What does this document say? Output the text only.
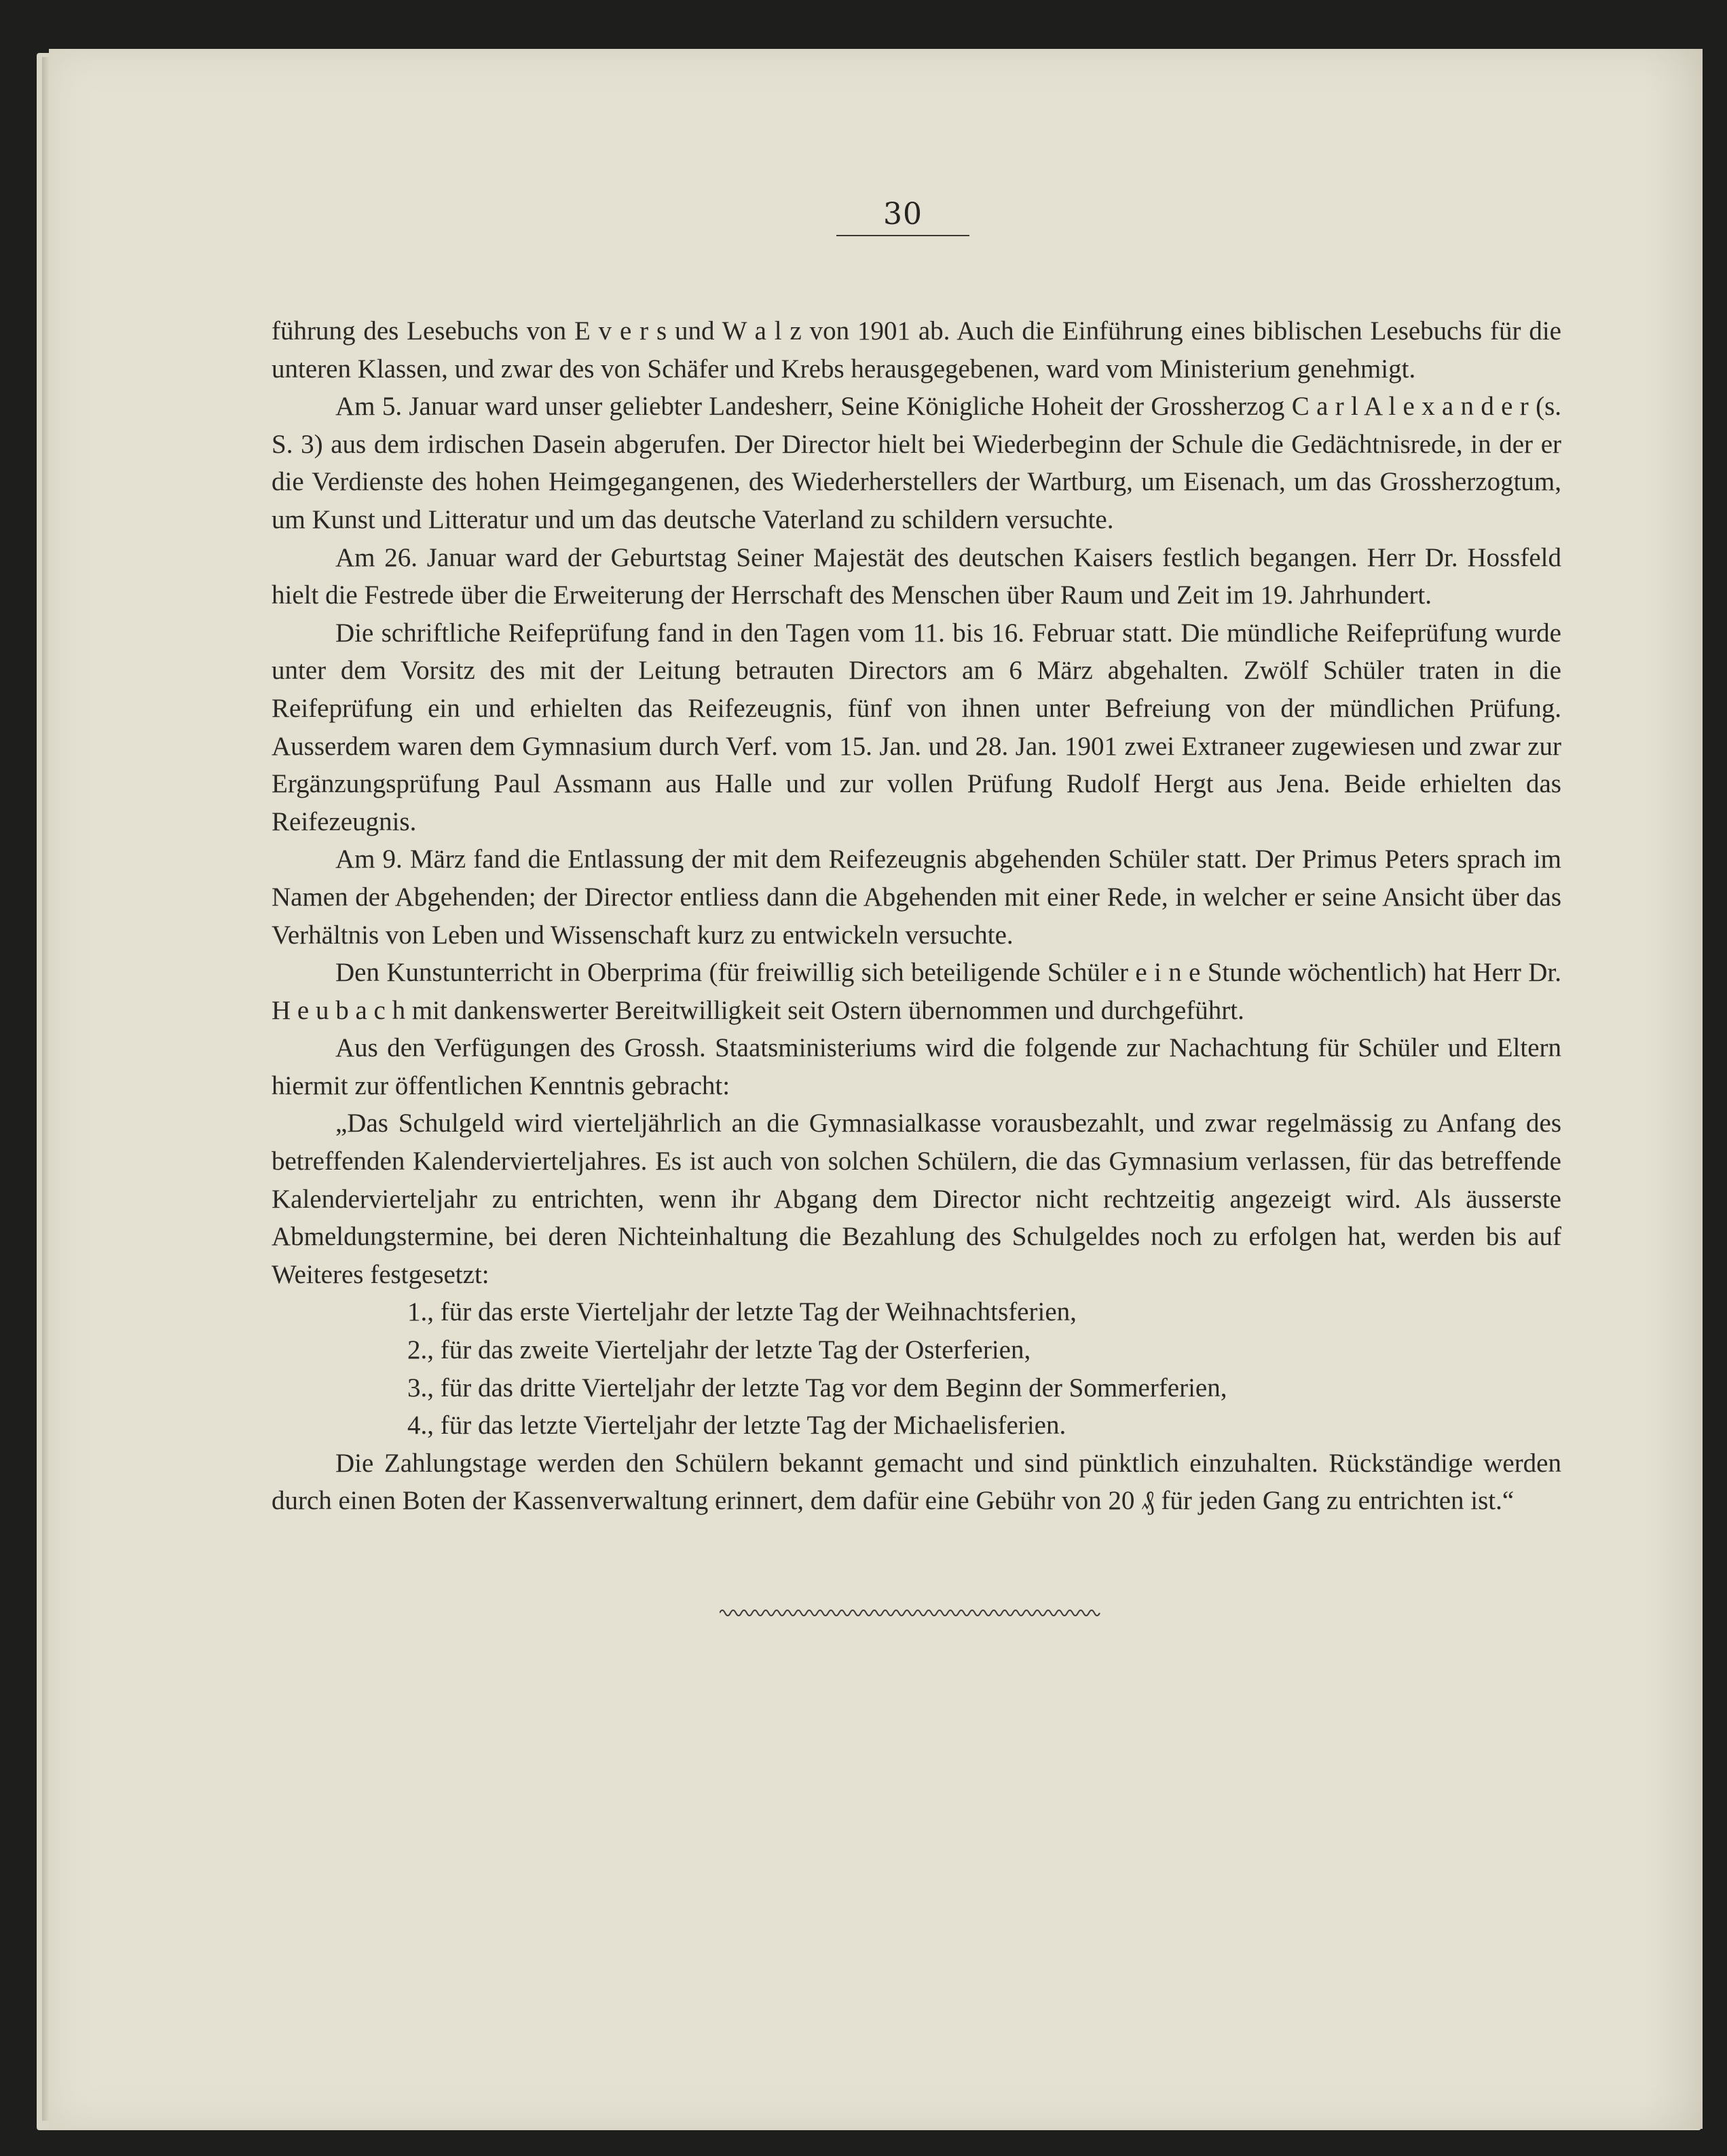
30

führung des Lesebuchs von E v e r s und W a l z von 1901 ab. Auch die Einführung eines biblischen Lesebuchs für die unteren Klassen, und zwar des von Schäfer und Krebs herausgegebenen, ward vom Ministerium genehmigt.

Am 5. Januar ward unser geliebter Landesherr, Seine Königliche Hoheit der Grossherzog C a r l A l e x a n d e r (s. S. 3) aus dem irdischen Dasein abgerufen. Der Director hielt bei Wiederbeginn der Schule die Gedächtnisrede, in der er die Verdienste des hohen Heimgegangenen, des Wiederherstellers der Wartburg, um Eisenach, um das Grossherzogtum, um Kunst und Litteratur und um das deutsche Vaterland zu schildern versuchte.

Am 26. Januar ward der Geburtstag Seiner Majestät des deutschen Kaisers festlich begangen. Herr Dr. Hossfeld hielt die Festrede über die Erweiterung der Herrschaft des Menschen über Raum und Zeit im 19. Jahrhundert.

Die schriftliche Reifeprüfung fand in den Tagen vom 11. bis 16. Februar statt. Die mündliche Reifeprüfung wurde unter dem Vorsitz des mit der Leitung betrauten Directors am 6 März abgehalten. Zwölf Schüler traten in die Reifeprüfung ein und erhielten das Reifezeugnis, fünf von ihnen unter Befreiung von der mündlichen Prüfung. Ausserdem waren dem Gymnasium durch Verf. vom 15. Jan. und 28. Jan. 1901 zwei Extraneer zugewiesen und zwar zur Ergänzungsprüfung Paul Assmann aus Halle und zur vollen Prüfung Rudolf Hergt aus Jena. Beide erhielten das Reifezeugnis.

Am 9. März fand die Entlassung der mit dem Reifezeugnis abgehenden Schüler statt. Der Primus Peters sprach im Namen der Abgehenden; der Director entliess dann die Abgehenden mit einer Rede, in welcher er seine Ansicht über das Verhältnis von Leben und Wissenschaft kurz zu entwickeln versuchte.

Den Kunstunterricht in Oberprima (für freiwillig sich beteiligende Schüler e i n e Stunde wöchentlich) hat Herr Dr. H e u b a c h mit dankenswerter Bereitwilligkeit seit Ostern übernommen und durchgeführt.

Aus den Verfügungen des Grossh. Staatsministeriums wird die folgende zur Nachachtung für Schüler und Eltern hiermit zur öffentlichen Kenntnis gebracht:

„Das Schulgeld wird vierteljährlich an die Gymnasialkasse vorausbezahlt, und zwar regelmässig zu Anfang des betreffenden Kalendervierteljahres. Es ist auch von solchen Schülern, die das Gymnasium verlassen, für das betreffende Kalendervierteljahr zu entrichten, wenn ihr Abgang dem Director nicht rechtzeitig angezeigt wird. Als äusserste Abmeldungstermine, bei deren Nichteinhaltung die Bezahlung des Schulgeldes noch zu erfolgen hat, werden bis auf Weiteres festgesetzt:

1., für das erste Vierteljahr der letzte Tag der Weihnachtsferien,
2., für das zweite Vierteljahr der letzte Tag der Osterferien,
3., für das dritte Vierteljahr der letzte Tag vor dem Beginn der Sommerferien,
4., für das letzte Vierteljahr der letzte Tag der Michaelisferien.

Die Zahlungstage werden den Schülern bekannt gemacht und sind pünktlich einzuhalten. Rückständige werden durch einen Boten der Kassenverwaltung erinnert, dem dafür eine Gebühr von 20 ₰ für jeden Gang zu entrichten ist.“
